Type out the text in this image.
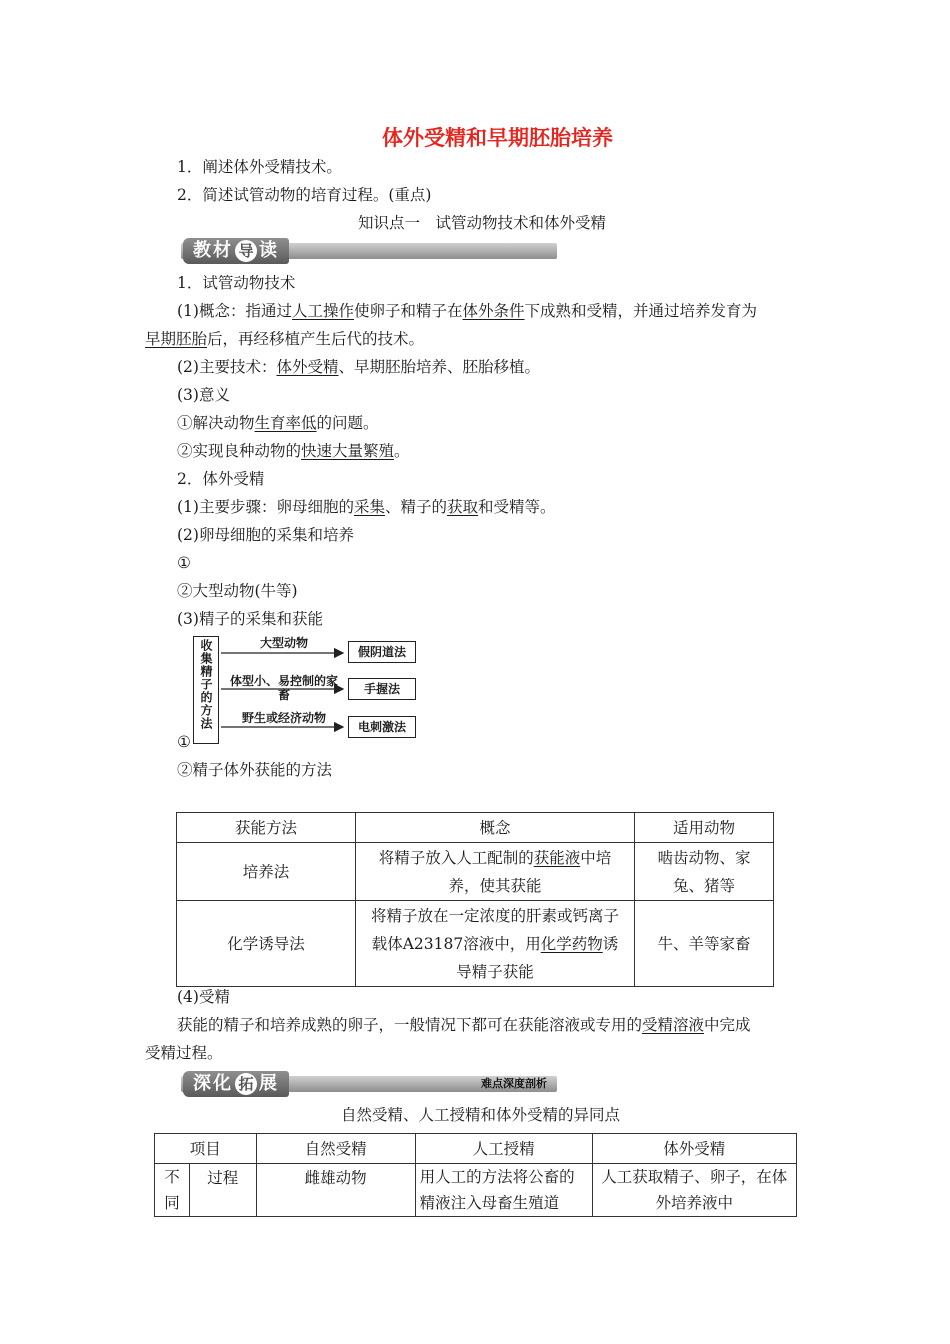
体外受精和早期胚胎培养
1．阐述体外受精技术。
2．简述试管动物的培育过程。(重点)
知识点一　试管动物技术和体外受精
教材 导 读
1．试管动物技术
(1)概念：指通过人工操作使卵子和精子在体外条件下成熟和受精，并通过培养发育为
早期胚胎后，再经移植产生后代的技术。
(2)主要技术：体外受精、早期胚胎培养、胚胎移植。
(3)意义
①解决动物生育率低的问题。
②实现良种动物的快速大量繁殖。
2．体外受精
(1)主要步骤：卵母细胞的采集、精子的获取和受精等。
(2)卵母细胞的采集和培养
①
②大型动物(牛等)
(3)精子的采集和获能
收集精子的方法	大型动物
体型小、易控制的家畜
野生或经济动物
假阴道法
手握法
电刺激法
①
②精子体外获能的方法
获能方法	概念	适用动物
培养法	将精子放入人工配制的获能液中培养，使其获能	啮齿动物、家兔、猪等
化学诱导法	将精子放在一定浓度的肝素或钙离子载体A23187溶液中，用化学药物诱导精子获能	牛、羊等家畜
(4)受精
获能的精子和培养成熟的卵子，一般情况下都可在获能溶液或专用的受精溶液中完成
受精过程。
深化 拓 展	难点深度剖析
自然受精、人工授精和体外受精的异同点
项目		自然受精	人工授精	体外受精
不同	过程	雌雄动物	用人工的方法将公畜的精液注入母畜生殖道	人工获取精子、卵子，在体外培养液中
